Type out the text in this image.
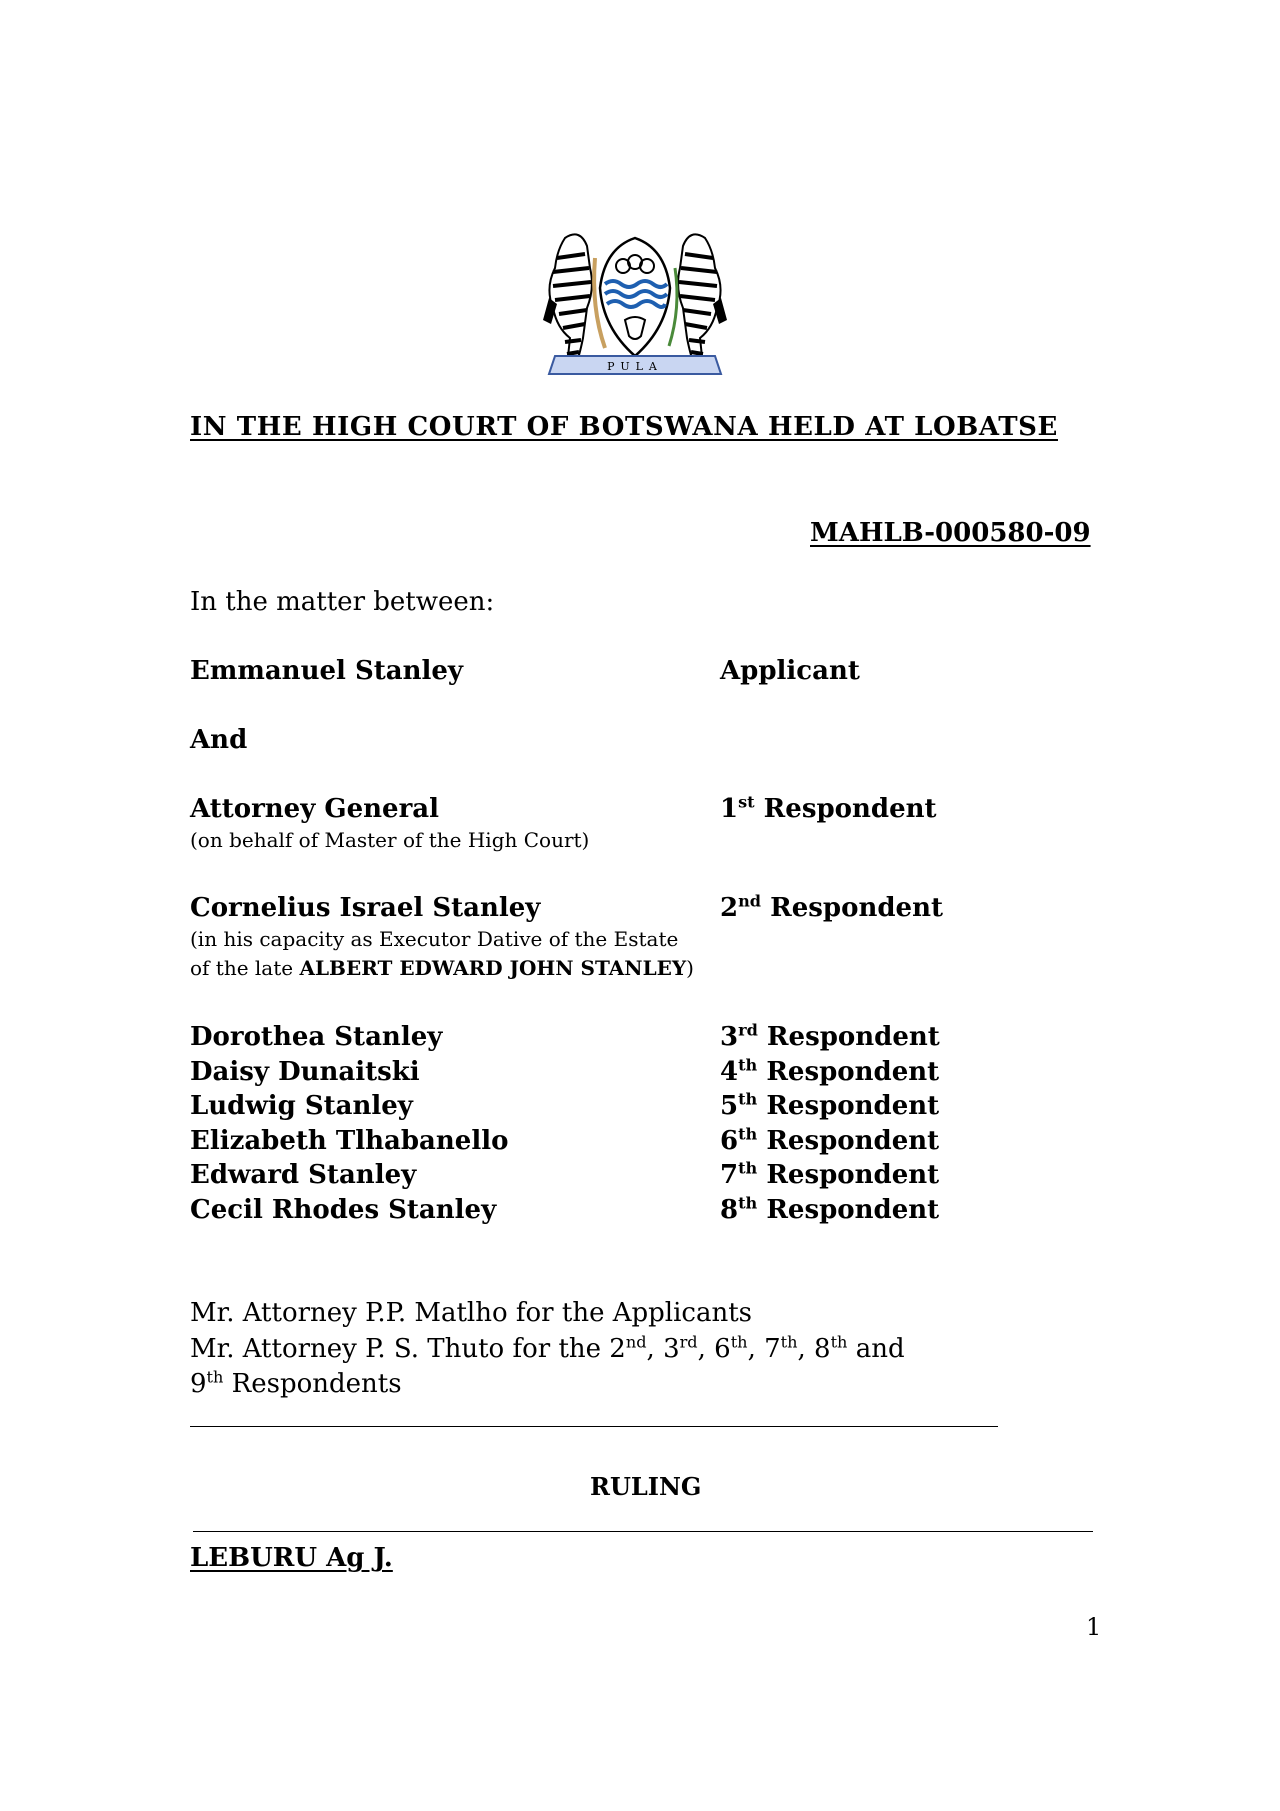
PULA
IN THE HIGH COURT OF BOTSWANA HELD AT LOBATSE
MAHLB-000580-09
In the matter between:
Emmanuel Stanley	Applicant
And
Attorney General	1st Respondent
(on behalf of Master of the High Court)
Cornelius Israel Stanley	2nd Respondent
(in his capacity as Executor Dative of the Estate
of the late ALBERT EDWARD JOHN STANLEY)
Dorothea Stanley	3rd Respondent
Daisy Dunaitski	4th Respondent
Ludwig Stanley	5th Respondent
Elizabeth Tlhabanello	6th Respondent
Edward Stanley	7th Respondent
Cecil Rhodes Stanley	8th Respondent
Mr. Attorney P.P. Matlho for the Applicants
Mr. Attorney P. S. Thuto for the 2nd, 3rd, 6th, 7th, 8th and
9th Respondents
RULING
LEBURU Ag J.
1
